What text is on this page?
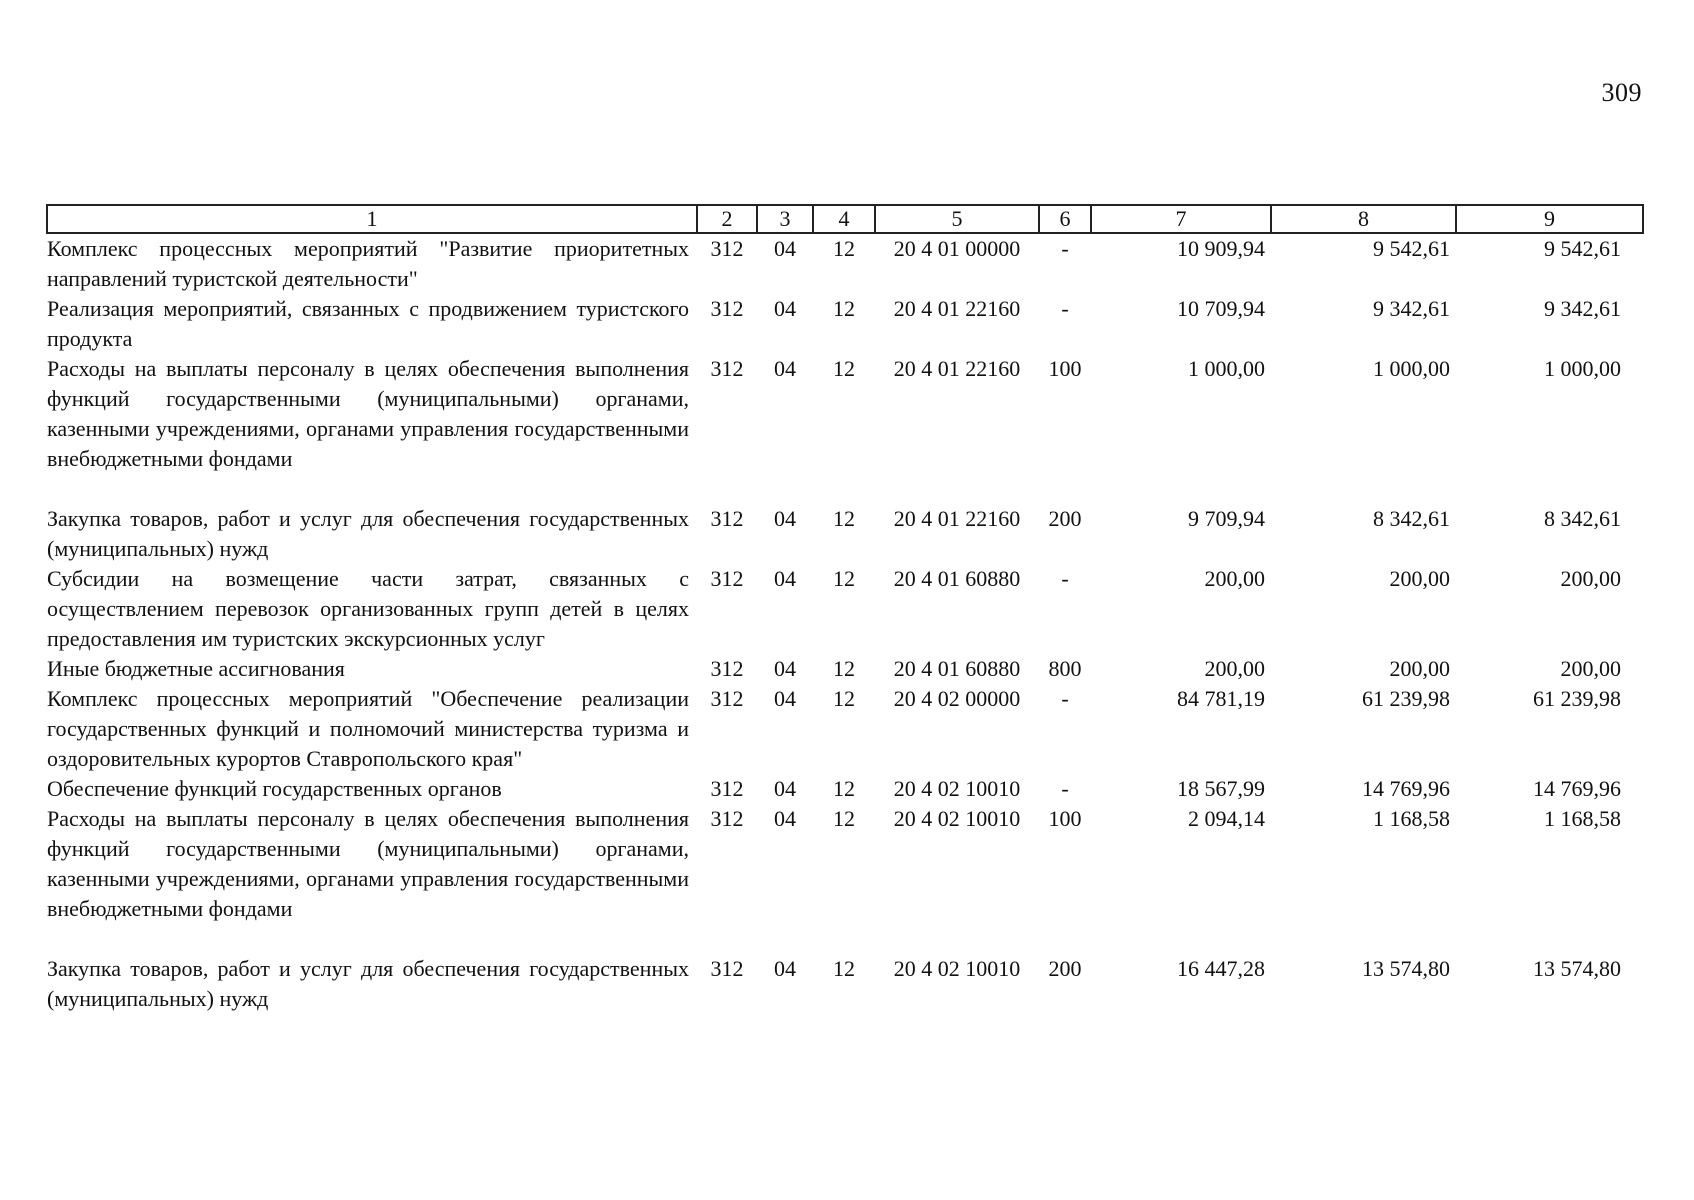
309
1	2	3	4	5	6	7	8	9
Комплекс процессных мероприятий "Развитие приоритетных направлений туристской деятельности"	312	04	12	20 4 01 00000	-	10 909,94	9 542,61	9 542,61
Реализация мероприятий, связанных с продвижением туристского продукта	312	04	12	20 4 01 22160	-	10 709,94	9 342,61	9 342,61
Расходы на выплаты персоналу в целях обеспечения выполнения функций государственными (муниципальными) органами, казенными учреждениями, органами управления государственными внебюджетными фондами	312	04	12	20 4 01 22160	100	1 000,00	1 000,00	1 000,00
Закупка товаров, работ и услуг для обеспечения государственных (муниципальных) нужд	312	04	12	20 4 01 22160	200	9 709,94	8 342,61	8 342,61
Субсидии на возмещение части затрат, связанных с осуществлением перевозок организованных групп детей в целях предоставления им туристских экскурсионных услуг	312	04	12	20 4 01 60880	-	200,00	200,00	200,00
Иные бюджетные ассигнования	312	04	12	20 4 01 60880	800	200,00	200,00	200,00
Комплекс процессных мероприятий "Обеспечение реализации государственных функций и полномочий министерства туризма и оздоровительных курортов Ставропольского края"	312	04	12	20 4 02 00000	-	84 781,19	61 239,98	61 239,98
Обеспечение функций государственных органов	312	04	12	20 4 02 10010	-	18 567,99	14 769,96	14 769,96
Расходы на выплаты персоналу в целях обеспечения выполнения функций государственными (муниципальными) органами, казенными учреждениями, органами управления государственными внебюджетными фондами	312	04	12	20 4 02 10010	100	2 094,14	1 168,58	1 168,58
Закупка товаров, работ и услуг для обеспечения государственных (муниципальных) нужд	312	04	12	20 4 02 10010	200	16 447,28	13 574,80	13 574,80
